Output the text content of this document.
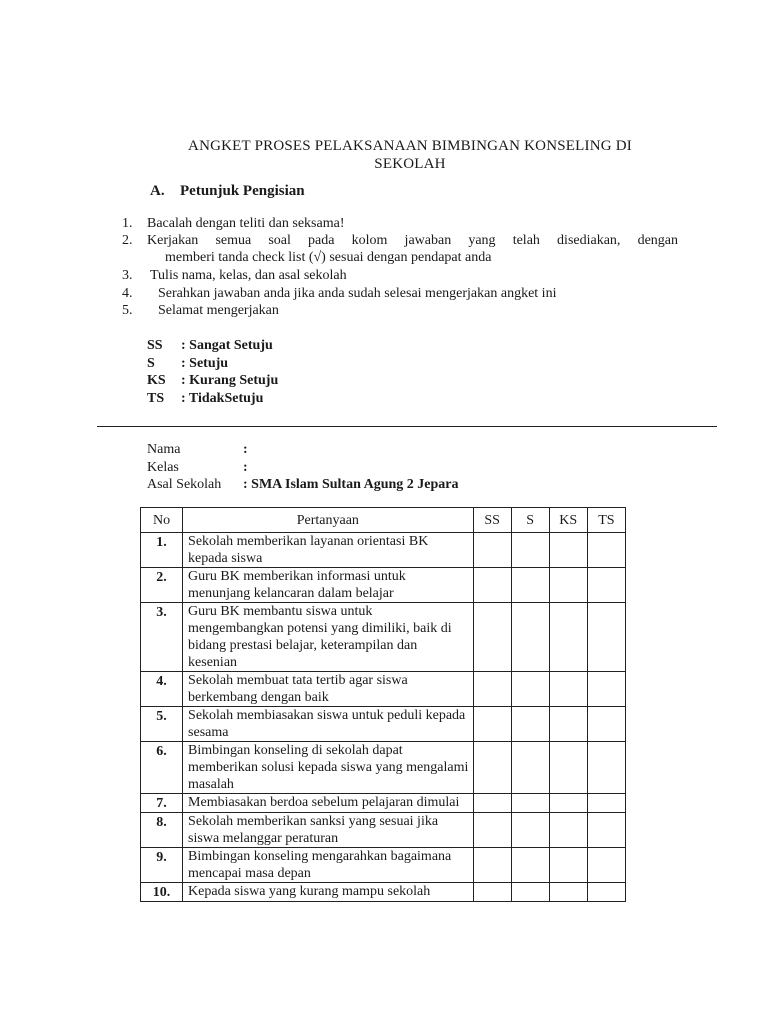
ANGKET PROSES PELAKSANAAN BIMBINGAN KONSELING DI
SEKOLAH
A. Petunjuk Pengisian
1. Bacalah dengan teliti dan seksama!
2. Kerjakan semua soal pada kolom jawaban yang telah disediakan, dengan
memberi tanda check list (√) sesuai dengan pendapat anda
3. Tulis nama, kelas, dan asal sekolah
4. Serahkan jawaban anda jika anda sudah selesai mengerjakan angket ini
5. Selamat mengerjakan
SS : Sangat Setuju
S : Setuju
KS : Kurang Setuju
TS : TidakSetuju
Nama	:
Kelas	:
Asal Sekolah : SMA Islam Sultan Agung 2 Jepara
No	Pertanyaan	SS	S	KS	TS
1.	Sekolah memberikan layanan orientasi BK kepada siswa				
2.	Guru BK memberikan informasi untuk menunjang kelancaran dalam belajar				
3.	Guru BK membantu siswa untuk mengembangkan potensi yang dimiliki, baik di bidang prestasi belajar, keterampilan dan kesenian				
4.	Sekolah membuat tata tertib agar siswa berkembang dengan baik				
5.	Sekolah membiasakan siswa untuk peduli kepada sesama				
6.	Bimbingan konseling di sekolah dapat memberikan solusi kepada siswa yang mengalami masalah				
7.	Membiasakan berdoa sebelum pelajaran dimulai				
8.	Sekolah memberikan sanksi yang sesuai jika siswa melanggar peraturan				
9.	Bimbingan konseling mengarahkan bagaimana mencapai masa depan				
10.	Kepada siswa yang kurang mampu sekolah				
